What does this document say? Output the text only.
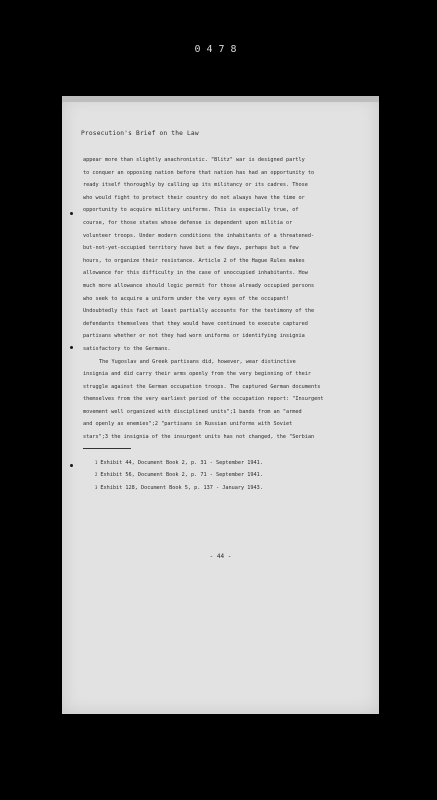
0478
Prosecution's Brief on the Law
appear more than slightly anachronistic. "Blitz" war is designed partly
to conquer an opposing nation before that nation has had an opportunity to
ready itself thoroughly by calling up its militancy or its cadres. Those
who would fight to protect their country do not always have the time or
opportunity to acquire military uniforms. This is especially true, of
course, for those states whose defense is dependent upon militia or
volunteer troops. Under modern conditions the inhabitants of a threatened-
but-not-yet-occupied territory have but a few days, perhaps but a few
hours, to organize their resistance. Article 2 of the Hague Rules makes
allowance for this difficulty in the case of unoccupied inhabitants. How
much more allowance should logic permit for those already occupied persons
who seek to acquire a uniform under the very eyes of the occupant!
Undoubtedly this fact at least partially accounts for the testimony of the
defendants themselves that they would have continued to execute captured
partisans whether or not they had worn uniforms or identifying insignia
satisfactory to the Germans.
The Yugoslav and Greek partisans did, however, wear distinctive
insignia and did carry their arms openly from the very beginning of their
struggle against the German occupation troops. The captured German documents
themselves from the very earliest period of the occupation report: "Insurgent
movement well organized with disciplined units";1 bands from an "armed
and openly as enemies";2 "partisans in Russian uniforms with Soviet
stars";3 the insignia of the insurgent units has not changed, the "Serbian
$^1$ Exhibit 44, Document Book 2, p. 31 - September 1941.
$^2$ Exhibit 56, Document Book 2, p. 71 - September 1941.
$^3$ Exhibit 128, Document Book 5, p. 137 - January 1943.
- 44 -
